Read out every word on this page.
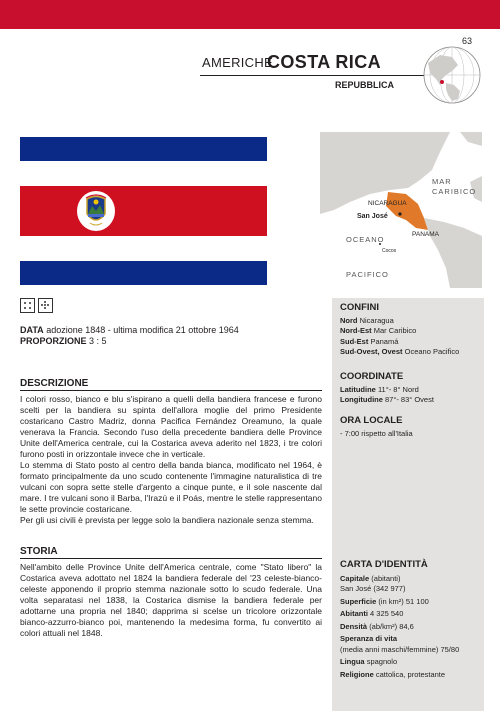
63
AMERICHE
COSTA RICA
REPUBBLICA
MAR CARIBICO
NICARAGUA
San José
OCEANO
PANAMA
Cocos
PACIFICO
DATA adozione 1848 - ultima modifica 21 ottobre 1964
PROPORZIONE 3 : 5
DESCRIZIONE
I colori rosso, bianco e blu s'ispirano a quelli della bandiera francese e furono scelti per la bandiera su spinta dell'allora moglie del primo Presidente costaricano Castro Madriz, donna Pacifica Fernández Oreamuno, la quale venerava la Francia. Secondo l'uso della precedente bandiera delle Province Unite dell'America centrale, cui la Costarica aveva aderito nel 1823, i tre colori furono posti in orizzontale invece che in verticale.
Lo stemma di Stato posto al centro della banda bianca, modificato nel 1964, è formato principalmente da uno scudo contenente l'immagine naturalistica di tre vulcani con sopra sette stelle d'argento a cinque punte, e il sole nascente dal mare. I tre vulcani sono il Barba, l'Irazú e il Poás, mentre le stelle rappresentano le sette provincie costaricane.
Per gli usi civili è prevista per legge solo la bandiera nazionale senza stemma.
STORIA
Nell'ambito delle Province Unite dell'America centrale, come "Stato libero" la Costarica aveva adottato nel 1824 la bandiera federale del '23 celeste-bianco-celeste apponendo il proprio stemma nazionale sotto lo scudo federale. Una volta separatasi nel 1838, la Costarica dismise la bandiera federale per adottarne una propria nel 1840; dapprima si scelse un tricolore orizzontale bianco-azzurro-bianco poi, mantenendo la medesima forma, fu convertito ai colori attuali nel 1848.
CONFINI
Nord Nicaragua
Nord-Est Mar Caribico
Sud-Est Panamá
Sud-Ovest, Ovest Oceano Pacifico
COORDINATE
Latitudine 11°- 8° Nord
Longitudine 87°- 83° Ovest
ORA LOCALE
- 7:00 rispetto all'Italia
CARTA D'IDENTITÀ
Capitale (abitanti)
San José (342 977)
Superficie (in km²) 51 100
Abitanti 4 325 540
Densità (ab/km²) 84,6
Speranza di vita
(media anni maschi/femmine) 75/80
Lingua spagnolo
Religione cattolica, protestante
